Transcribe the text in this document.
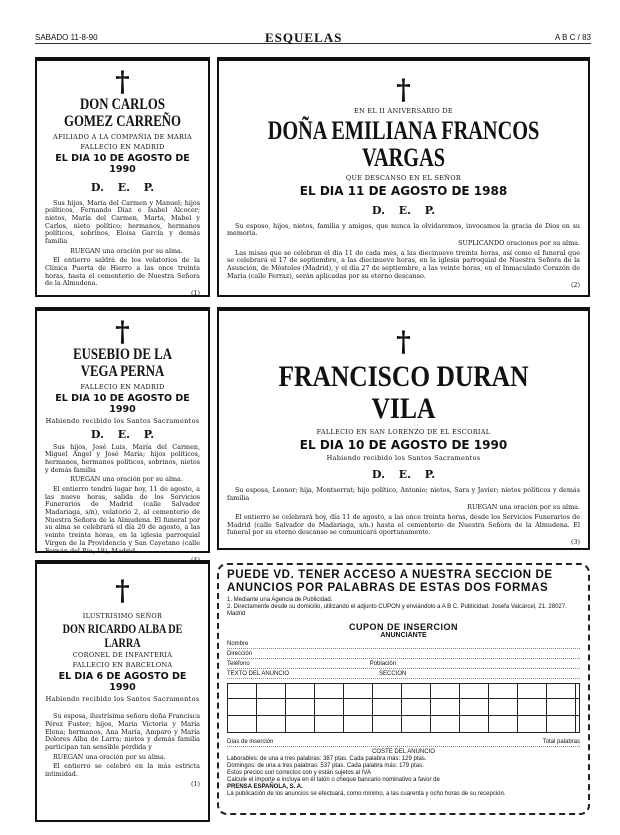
SABADO 11-8-90	ESQUELAS	A B C / 83
†
DON CARLOS GOMEZ CARREÑO
AFILIADO A LA COMPAÑIA DE MARIA
FALLECIO EN MADRID
EL DIA 10 DE AGOSTO DE 1990
D. E. P.

Sus hijos, María del Carmen y Manuel; hijos políticos, Fernando Díaz e Isabel Alcocer; nietos, María del Carmen, Marta, Mabel y Carlos, nieto político; hermanos, hermanos políticos, sobrinos, Eloísa García y demás familia

RUEGAN una oración por su alma.

El entierro saldrá de los velatorios de la Clínica Puerta de Hierro a las once treinta horas, hasta el cementerio de Nuestra Señora de la Almudena.

(1)

†
EN EL II ANIVERSARIO DE
DOÑA EMILIANA FRANCOS VARGAS
QUE DESCANSO EN EL SEÑOR
EL DIA 11 DE AGOSTO DE 1988
D. E. P.

Su esposo, hijos, nietos, familia y amigos, que nunca la olvidaremos, invocamos la gracia de Dios en su memoria.

SUPLICANDO oraciones por su alma.

Las misas que se celebran el día 11 de cada mes, a las diecinueve treinta horas, así como el funeral que se celebrará el 17 de septiembre, a las diecinueve horas, en la iglesia parroquial de Nuestra Señora de la Asunción, de Móstoles (Madrid), y el día 27 de septiembre, a las veinte horas, en el Inmaculado Corazón de María (calle Ferraz), serán aplicadas por su eterno descanso.

(2)

†
EUSEBIO DE LA VEGA PERNA
FALLECIO EN MADRID
EL DIA 10 DE AGOSTO DE 1990
Habiendo recibido los Santos Sacramentos
D. E. P.

Sus hijos, José Luis, María del Carmen, Miguel Ángel y José María; hijos políticos, hermanos, hermanos políticos, sobrinos, nietos y demás familia

RUEGAN una oración por su alma.

El entierro tendrá lugar hoy, 11 de agosto, a las nueve horas, salida de los Servicios Funerarios de Madrid (calle Salvador Madariaga, s/n), velatorio 2, al cementerio de Nuestra Señora de la Almudena. El funeral por su alma se celebrará el día 20 de agosto, a las veinte treinta horas, en la iglesia parroquial Virgen de la Providencia y San Cayetano (calle Fernán del Río, 18), Madrid.

(4)

†
FRANCISCO DURAN VILA
FALLECIO EN SAN LORENZO DE EL ESCORIAL
EL DIA 10 DE AGOSTO DE 1990
Habiendo recibido los Santos Sacramentos
D. E. P.

Su esposa, Leonor; hija, Montserrat; hijo político, Antonio; nietos, Sara y Javier; nietos políticos y demás familia

RUEGAN una oración por su alma.

El entierro se celebrará hoy, día 11 de agosto, a las once treinta horas, desde los Servicios Funerarios de Madrid (calle Salvador de Madariaga, s/n.) hasta el cementerio de Nuestra Señora de la Almudena. El funeral por su eterno descanso se comunicará oportunamente.

(3)

†
ILUSTRISIMO SEÑOR
DON RICARDO ALBA DE LARRA
CORONEL DE INFANTERIA
FALLECIO EN BARCELONA
EL DIA 6 DE AGOSTO DE 1990
Habiendo recibido los Santos Sacramentos

Su esposa, ilustrísima señora doña Francisca Pérez Fuster; hijos, María Victoria y María Elena; hermanos, Ana María, Amparo y María Dolores Alba de Larra; nietos y demás familia participan tan sensible pérdida y

RUEGAN una oración por su alma.

El entierro se celebró en la más estricta intimidad.

(1)

PUEDE VD. TENER ACCESO A NUESTRA SECCION DE ANUNCIOS POR PALABRAS DE ESTAS DOS FORMAS
1. Mediante una Agencia de Publicidad.
2. Directamente desde su domicilio, utilizando el adjunto CUPON y enviándolo a A B C. Publicidad. Josefa Valcárcel, 21. 28027. Madrid
CUPON DE INSERCION
ANUNCIANTE
Nombre
Dirección
Teléfono	Población
TEXTO DEL ANUNCIO	SECCION
Días de inserción	Total palabras
COSTE DEL ANUNCIO
Laborables: de una a tres palabras: 387 ptas. Cada palabra más: 129 ptas.
Domingos: de una a tres palabras: 537 ptas. Cada palabra más: 179 ptas.
Estos precios son correctos con y están sujetos al IVA
Calcule el importe e incluya en él talón o cheque bancario nominativo a favor de
PRENSA ESPAÑOLA, S. A.
La publicación de los anuncios se efectuará, como mínimo, a las cuarenta y ocho horas de su recepción.
